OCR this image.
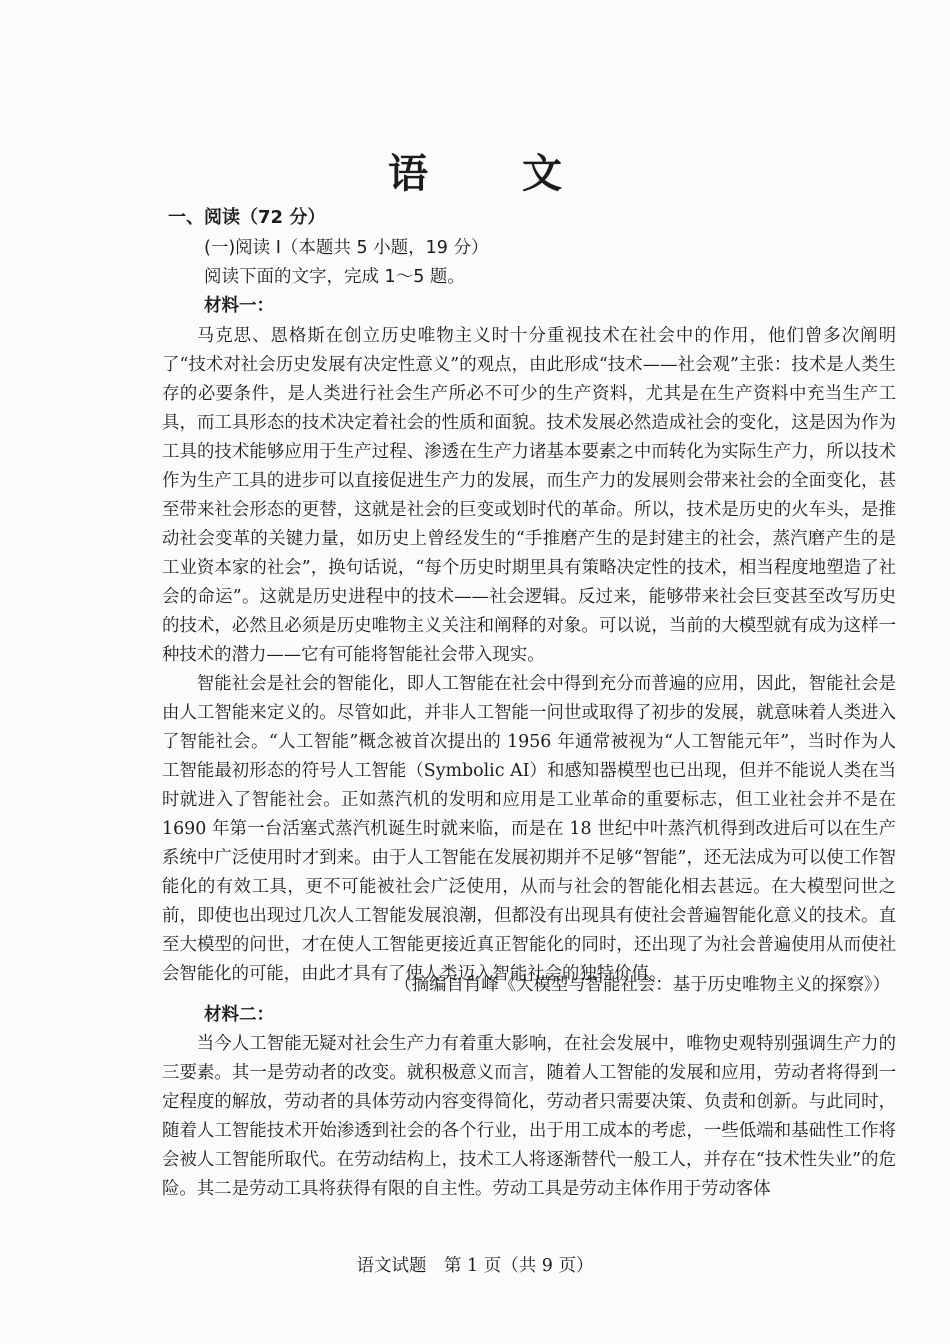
语 文
一、阅读（72 分）
(一)阅读 I（本题共 5 小题，19 分）
阅读下面的文字，完成 1～5 题。
材料一：

马克思、恩格斯在创立历史唯物主义时十分重视技术在社会中的作用，他们曾多次阐明了“技术对社会历史发展有决定性意义”的观点，由此形成“技术——社会观”主张：技术是人类生存的必要条件，是人类进行社会生产所必不可少的生产资料，尤其是在生产资料中充当生产工具，而工具形态的技术决定着社会的性质和面貌。技术发展必然造成社会的变化，这是因为作为工具的技术能够应用于生产过程、渗透在生产力诸基本要素之中而转化为实际生产力，所以技术作为生产工具的进步可以直接促进生产力的发展，而生产力的发展则会带来社会的全面变化，甚至带来社会形态的更替，这就是社会的巨变或划时代的革命。所以，技术是历史的火车头，是推动社会变革的关键力量，如历史上曾经发生的“手推磨产生的是封建主的社会，蒸汽磨产生的是工业资本家的社会”，换句话说，“每个历史时期里具有策略决定性的技术，相当程度地塑造了社会的命运”。这就是历史进程中的技术——社会逻辑。反过来，能够带来社会巨变甚至改写历史的技术，必然且必须是历史唯物主义关注和阐释的对象。可以说，当前的大模型就有成为这样一种技术的潜力——它有可能将智能社会带入现实。

智能社会是社会的智能化，即人工智能在社会中得到充分而普遍的应用，因此，智能社会是由人工智能来定义的。尽管如此，并非人工智能一问世或取得了初步的发展，就意味着人类进入了智能社会。“人工智能”概念被首次提出的 1956 年通常被视为“人工智能元年”，当时作为人工智能最初形态的符号人工智能（Symbolic AI）和感知器模型也已出现，但并不能说人类在当时就进入了智能社会。正如蒸汽机的发明和应用是工业革命的重要标志，但工业社会并不是在 1690 年第一台活塞式蒸汽机诞生时就来临，而是在 18 世纪中叶蒸汽机得到改进后可以在生产系统中广泛使用时才到来。由于人工智能在发展初期并不足够“智能”，还无法成为可以使工作智能化的有效工具，更不可能被社会广泛使用，从而与社会的智能化相去甚远。在大模型问世之前，即使也出现过几次人工智能发展浪潮，但都没有出现具有使社会普遍智能化意义的技术。直至大模型的问世，才在使人工智能更接近真正智能化的同时，还出现了为社会普遍使用从而使社会智能化的可能，由此才具有了使人类迈入智能社会的独特价值。

（摘编自肖峰《大模型与智能社会：基于历史唯物主义的探察》）
材料二：

当今人工智能无疑对社会生产力有着重大影响，在社会发展中，唯物史观特别强调生产力的三要素。其一是劳动者的改变。就积极意义而言，随着人工智能的发展和应用，劳动者将得到一定程度的解放，劳动者的具体劳动内容变得简化，劳动者只需要决策、负责和创新。与此同时，随着人工智能技术开始渗透到社会的各个行业，出于用工成本的考虑，一些低端和基础性工作将会被人工智能所取代。在劳动结构上，技术工人将逐渐替代一般工人，并存在“技术性失业”的危险。其二是劳动工具将获得有限的自主性。劳动工具是劳动主体作用于劳动客体

语文试题　第 1 页（共 9 页）
